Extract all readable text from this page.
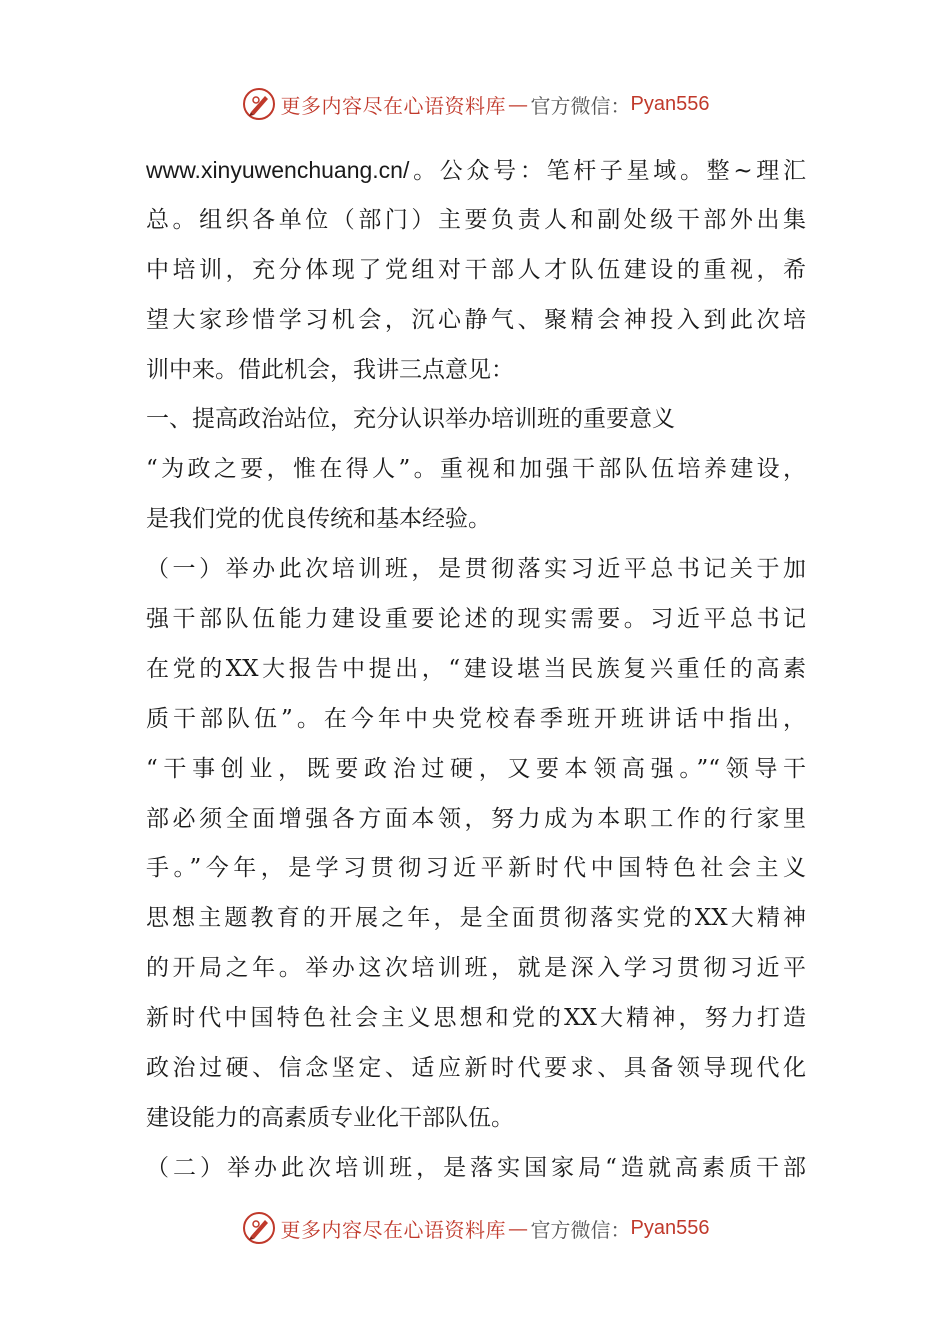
更多内容尽在心语资料库 — 官方微信： Pyan556
www.xinyuwenchuang.cn/。公众号：笔杆子星域。整~理汇
总。组织各单位（部门）主要负责人和副处级干部外出集
中培训，充分体现了党组对干部人才队伍建设的重视，希
望大家珍惜学习机会，沉心静气、聚精会神投入到此次培
训中来。借此机会，我讲三点意见：
一、提高政治站位，充分认识举办培训班的重要意义
“为政之要，惟在得人”。重视和加强干部队伍培养建设，
是我们党的优良传统和基本经验。
（一）举办此次培训班，是贯彻落实习近平总书记关于加
强干部队伍能力建设重要论述的现实需要。习近平总书记
在党的XX大报告中提出，“建设堪当民族复兴重任的高素
质干部队伍”。在今年中央党校春季班开班讲话中指出，
“干事创业，既要政治过硬，又要本领高强。”“领导干
部必须全面增强各方面本领，努力成为本职工作的行家里
手。”今年，是学习贯彻习近平新时代中国特色社会主义
思想主题教育的开展之年，是全面贯彻落实党的XX大精神
的开局之年。举办这次培训班，就是深入学习贯彻习近平
新时代中国特色社会主义思想和党的XX大精神，努力打造
政治过硬、信念坚定、适应新时代要求、具备领导现代化
建设能力的高素质专业化干部队伍。
（二）举办此次培训班，是落实国家局“造就高素质干部
更多内容尽在心语资料库 — 官方微信： Pyan556
